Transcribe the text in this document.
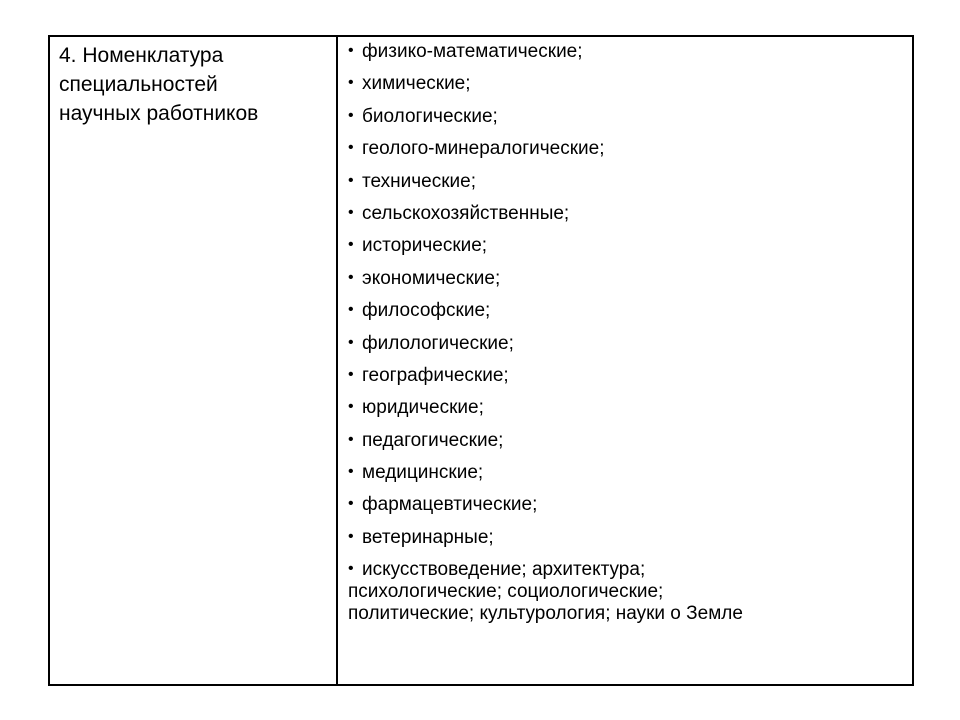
4. Номенклатура
специальностей
научных работников

• физико-математические;
• химические;
• биологические;
• геолого-минералогические;
• технические;
• сельскохозяйственные;
• исторические;
• экономические;
• философские;
• филологические;
• географические;
• юридические;
• педагогические;
• медицинские;
• фармацевтические;
• ветеринарные;
• искусствоведение; архитектура;
психологические; социологические;
политические; культурология; науки о Земле
